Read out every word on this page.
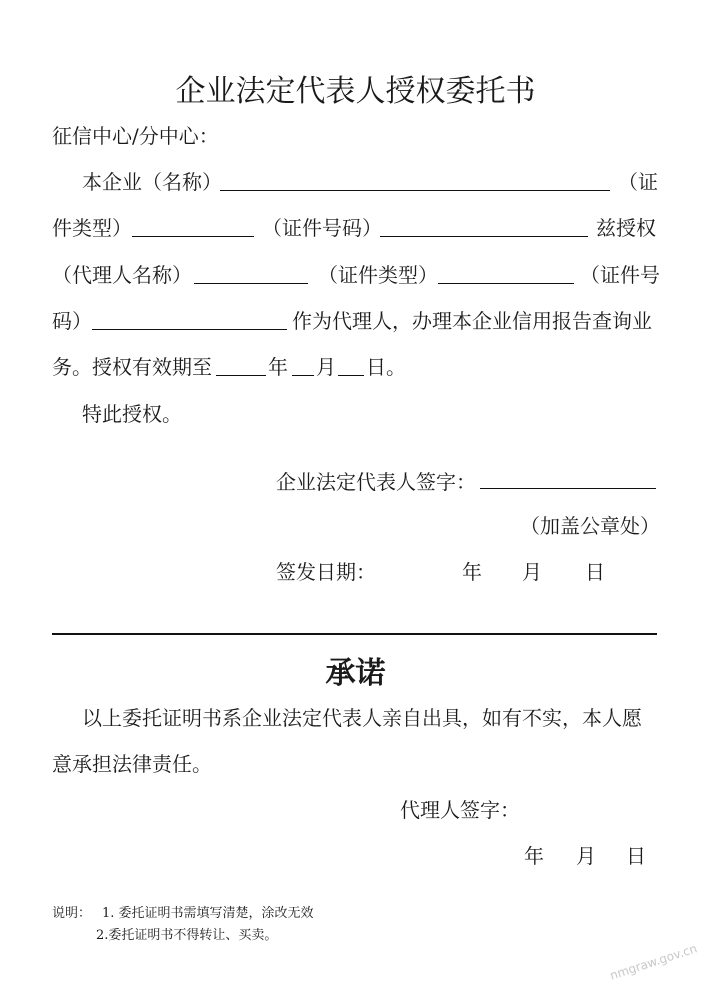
企业法定代表人授权委托书
征信中心/分中心：
本企业（名称）	（证
件类型）	（证件号码）	兹授权
（代理人名称）	（证件类型）	（证件号
码）	作为代理人，办理本企业信用报告查询业
务。授权有效期至	年 月 日。
特此授权。
企业法定代表人签字：
（加盖公章处）
签发日期：	年 月 日
承诺
以上委托证明书系企业法定代表人亲自出具，如有不实，本人愿
意承担法律责任。
代理人签字：
年 月 日
说明： 1. 委托证明书需填写清楚，涂改无效
2.委托证明书不得转让、买卖。
nmgraw.gov.cn
